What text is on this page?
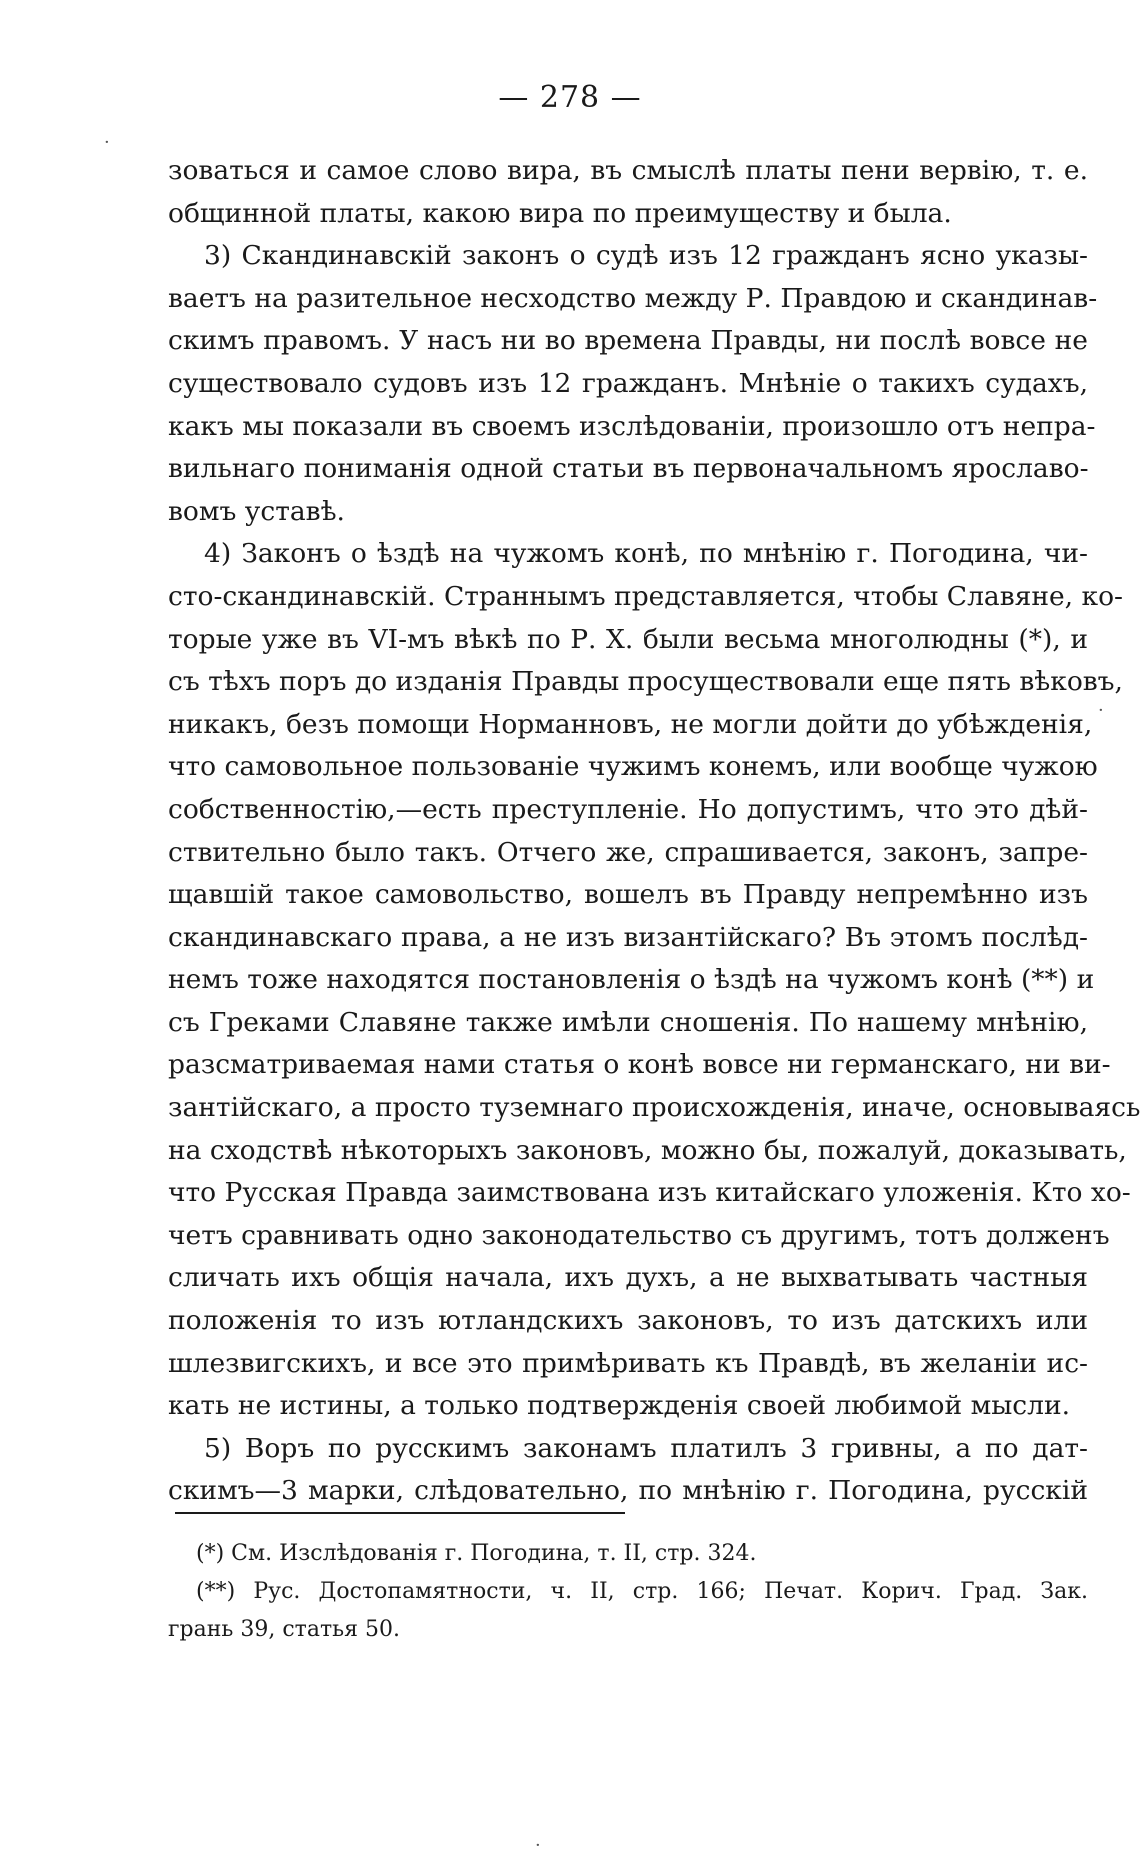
— 278 —
зоваться и самое слово вира, въ смыслѣ платы пени вервію, т. е.
общинной платы, какою вира по преимуществу и была.
3) Скандинавскій законъ о судѣ изъ 12 гражданъ ясно указы-
ваетъ на разительное несходство между Р. Правдою и скандинав-
скимъ правомъ. У насъ ни во времена Правды, ни послѣ вовсе не
существовало судовъ изъ 12 гражданъ. Мнѣніе о такихъ судахъ,
какъ мы показали въ своемъ изслѣдованіи, произошло отъ непра-
вильнаго пониманія одной статьи въ первоначальномъ ярославо-
вомъ уставѣ.
4) Законъ о ѣздѣ на чужомъ конѣ, по мнѣнію г. Погодина, чи-
сто-скандинавскій. Страннымъ представляется, чтобы Славяне, ко-
торые уже въ VI-мъ вѣкѣ по Р. Х. были весьма многолюдны (*), и
съ тѣхъ поръ до изданія Правды просуществовали еще пять вѣковъ,
никакъ, безъ помощи Норманновъ, не могли дойти до убѣжденія,
что самовольное пользованіе чужимъ конемъ, или вообще чужою
собственностію,—есть преступленіе. Но допустимъ, что это дѣй-
ствительно было такъ. Отчего же, спрашивается, законъ, запре-
щавшій такое самовольство, вошелъ въ Правду непремѣнно изъ
скандинавскаго права, а не изъ византійскаго? Въ этомъ послѣд-
немъ тоже находятся постановленія о ѣздѣ на чужомъ конѣ (**) и
съ Греками Славяне также имѣли сношенія. По нашему мнѣнію,
разсматриваемая нами статья о конѣ вовсе ни германскаго, ни ви-
зантійскаго, а просто туземнаго происхожденія, иначе, основываясь
на сходствѣ нѣкоторыхъ законовъ, можно бы, пожалуй, доказывать,
что Русская Правда заимствована изъ китайскаго уложенія. Кто хо-
четъ сравнивать одно законодательство съ другимъ, тотъ долженъ
сличать ихъ общія начала, ихъ духъ, а не выхватывать частныя
положенія то изъ ютландскихъ законовъ, то изъ датскихъ или
шлезвигскихъ, и все это примѣривать къ Правдѣ, въ желаніи ис-
кать не истины, а только подтвержденія своей любимой мысли.
5) Воръ по русскимъ законамъ платилъ 3 гривны, а по дат-
скимъ—3 марки, слѣдовательно, по мнѣнію г. Погодина, русскій
(*) См. Изслѣдованія г. Погодина, т. II, стр. 324.
(**) Рус. Достопамятности, ч. II, стр. 166; Печат. Корич. Град. Зак.
грань 39, статья 50.
·
·
·
